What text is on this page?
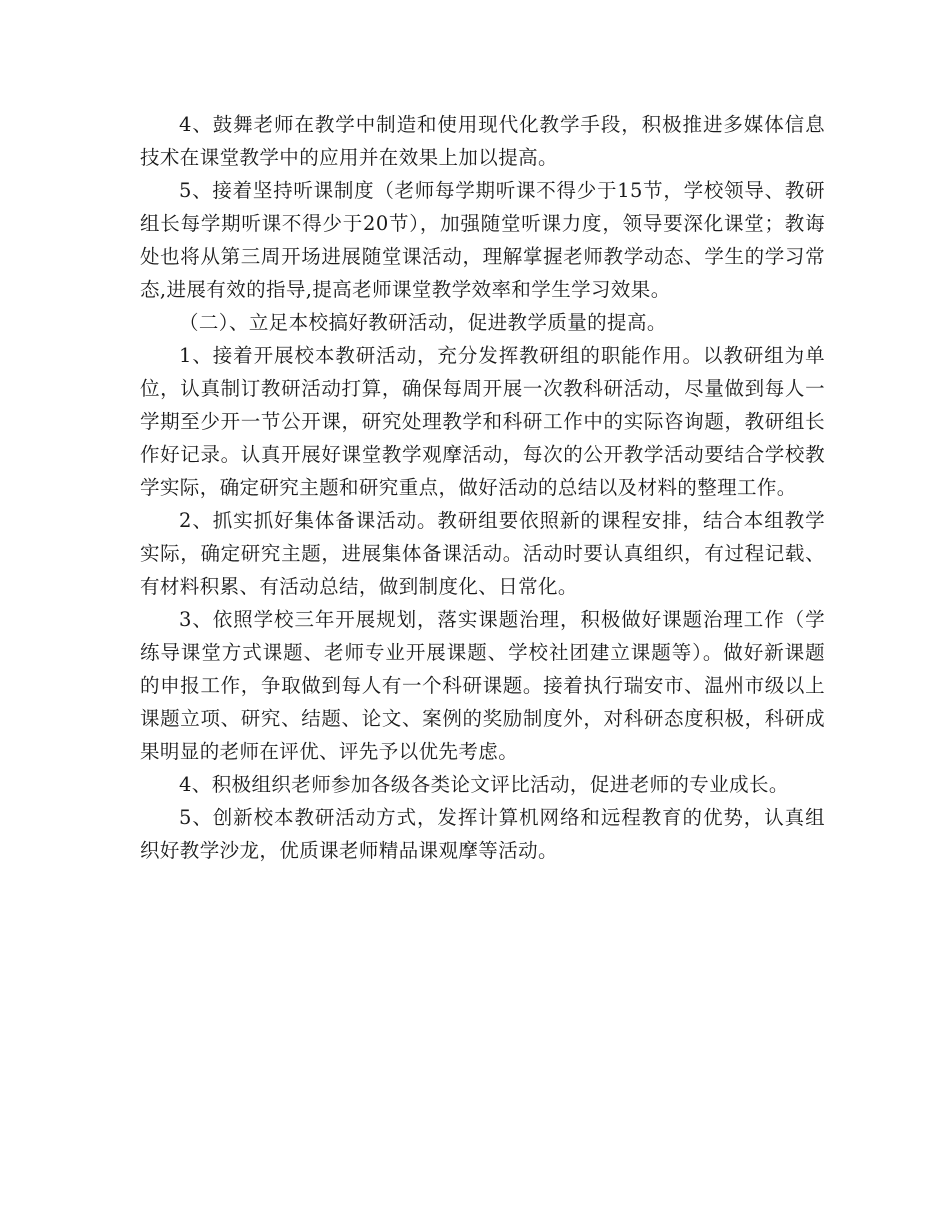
4、鼓舞老师在教学中制造和使用现代化教学手段，积极推进多媒体信息技术在课堂教学中的应用并在效果上加以提高。

5、接着坚持听课制度（老师每学期听课不得少于15节，学校领导、教研组长每学期听课不得少于20节），加强随堂听课力度，领导要深化课堂；教诲处也将从第三周开场进展随堂课活动，理解掌握老师教学动态、学生的学习常态,进展有效的指导,提高老师课堂教学效率和学生学习效果。

（二）、立足本校搞好教研活动，促进教学质量的提高。

1、接着开展校本教研活动，充分发挥教研组的职能作用。以教研组为单位，认真制订教研活动打算，确保每周开展一次教科研活动，尽量做到每人一学期至少开一节公开课，研究处理教学和科研工作中的实际咨询题，教研组长作好记录。认真开展好课堂教学观摩活动，每次的公开教学活动要结合学校教学实际，确定研究主题和研究重点，做好活动的总结以及材料的整理工作。

2、抓实抓好集体备课活动。教研组要依照新的课程安排，结合本组教学实际，确定研究主题，进展集体备课活动。活动时要认真组织，有过程记载、有材料积累、有活动总结，做到制度化、日常化。

3、依照学校三年开展规划，落实课题治理，积极做好课题治理工作（学练导课堂方式课题、老师专业开展课题、学校社团建立课题等）。做好新课题的申报工作，争取做到每人有一个科研课题。接着执行瑞安市、温州市级以上课题立项、研究、结题、论文、案例的奖励制度外，对科研态度积极，科研成果明显的老师在评优、评先予以优先考虑。

4、积极组织老师参加各级各类论文评比活动，促进老师的专业成长。

5、创新校本教研活动方式，发挥计算机网络和远程教育的优势，认真组织好教学沙龙，优质课老师精品课观摩等活动。
